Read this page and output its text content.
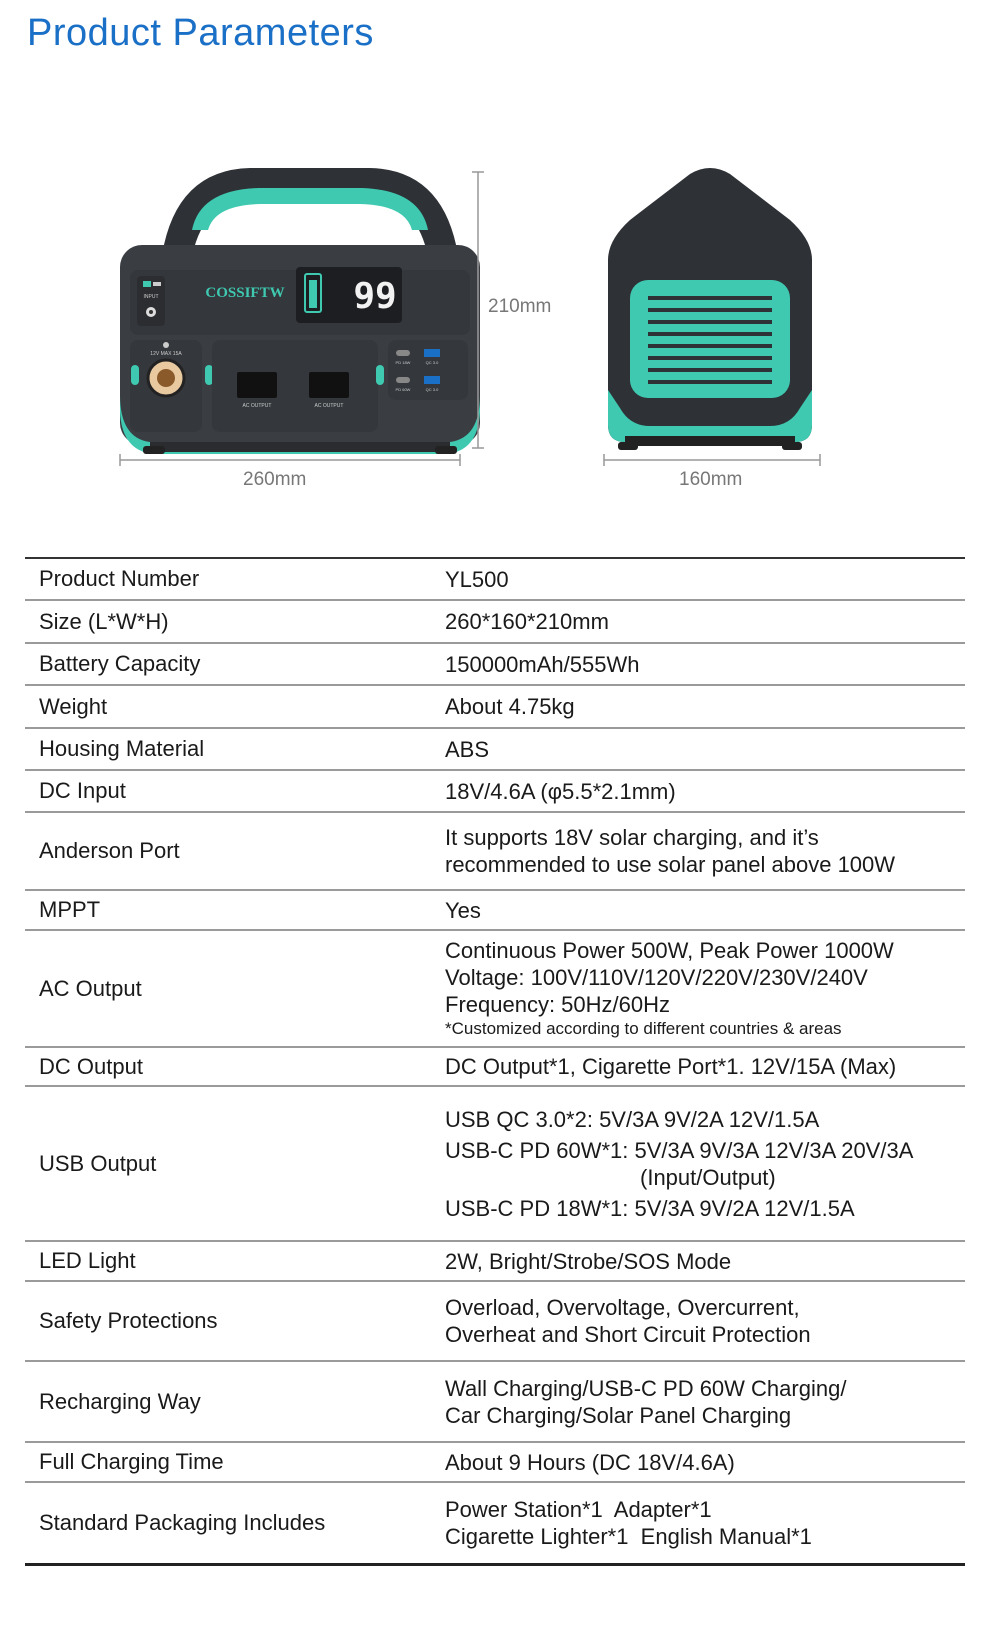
Product Parameters
INPUT	COSSIFTW 99
12V MAX 15A
AC OUTPUT	AC OUTPUT
PD 18W
PD 60W
QC 3.0
QC 3.0
210mm
260mm	160mm
Product Number	YL500

Size (L*W*H)	260*160*210mm

Battery Capacity	150000mAh/555Wh

Weight	About 4.75kg

Housing Material	ABS

DC Input	18V/4.6A (φ5.5*2.1mm)

Anderson Port	It supports 18V solar charging, and it’s
recommended to use solar panel above 100W

MPPT	Yes

AC Output	Continuous Power 500W, Peak Power 1000W
Voltage: 100V/110V/120V/220V/230V/240V
Frequency: 50Hz/60Hz
*Customized according to different countries & areas

DC Output	DC Output*1, Cigarette Port*1. 12V/15A (Max)

USB Output	USB QC 3.0*2: 5V/3A 9V/2A 12V/1.5A
USB-C PD 60W*1: 5V/3A 9V/3A 12V/3A 20V/3A
(Input/Output)
USB-C PD 18W*1: 5V/3A 9V/2A 12V/1.5A

LED Light	2W, Bright/Strobe/SOS Mode

Safety Protections	Overload, Overvoltage, Overcurrent,
Overheat and Short Circuit Protection

Recharging Way	Wall Charging/USB-C PD 60W Charging/
Car Charging/Solar Panel Charging

Full Charging Time	About 9 Hours (DC 18V/4.6A)

Standard Packaging Includes	Power Station*1  Adapter*1
Cigarette Lighter*1  English Manual*1
